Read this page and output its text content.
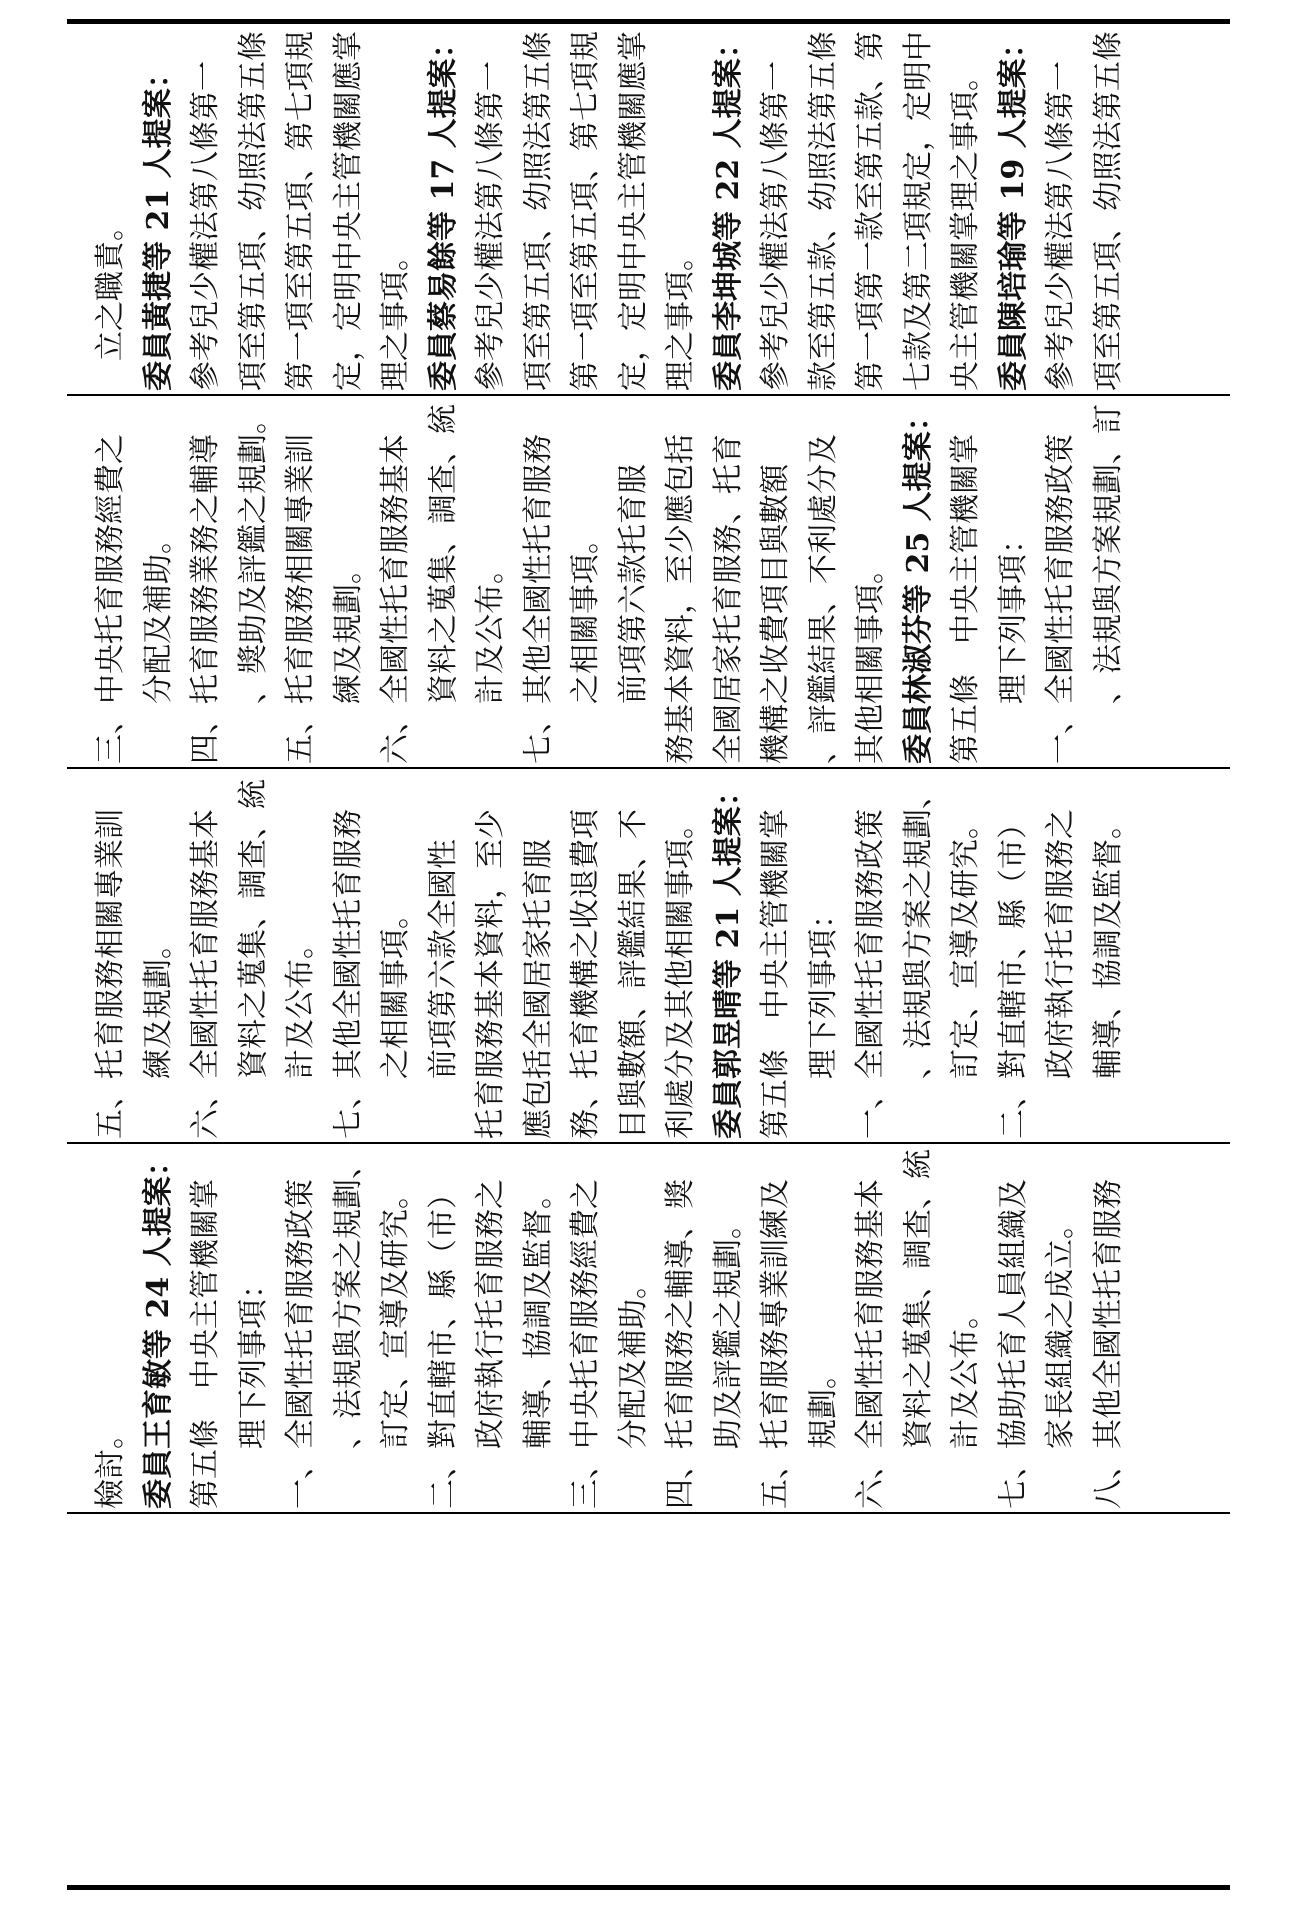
檢討。 委員王育敏等 24 人提案： 第五條　中央主管機關掌 理下列事項： 一、全國性托育服務政策 、法規與方案之規劃、 訂定、宣導及研究。 二、對直轄市、縣（市） 政府執行托育服務之 輔導、協調及監督。 三、中央托育服務經費之 分配及補助。 四、托育服務之輔導、獎 助及評鑑之規劃。 五、托育服務專業訓練及 規劃。 六、全國性托育服務基本 資料之蒐集、調查、統 計及公布。 七、協助托育人員組織及 家長組織之成立。 八、其他全國性托育服務
五、托育服務相關專業訓 練及規劃。 六、全國性托育服務基本 資料之蒐集、調查、統 計及公布。 七、其他全國性托育服務 之相關事項。 前項第六款全國性 托育服務基本資料，至少 應包括全國居家托育服 務、托育機構之收退費項 目與數額、評鑑結果、不 利處分及其他相關事項。 委員郭昱晴等 21 人提案： 第五條　中央主管機關掌 理下列事項： 一、全國性托育服務政策 、法規與方案之規劃、 訂定、宣導及研究。 二、對直轄市、縣（市） 政府執行托育服務之 輔導、協調及監督。
三、中央托育服務經費之 分配及補助。 四、托育服務業務之輔導 、獎助及評鑑之規劃。 五、托育服務相關專業訓 練及規劃。 六、全國性托育服務基本 資料之蒐集、調查、統 計及公布。 七、其他全國性托育服務 之相關事項。 前項第六款托育服 務基本資料，至少應包括 全國居家托育服務、托育 機構之收費項目與數額 、評鑑結果、不利處分及 其他相關事項。 委員林淑芬等 25 人提案： 第五條　中央主管機關掌 理下列事項： 一、全國性托育服務政策 、法規與方案規劃、訂
立之職責。 委員黃捷等 21 人提案： 參考兒少權法第八條第一 項至第五項、幼照法第五條 第一項至第五項、第七項規 定，定明中央主管機關應掌 理之事項。 委員蔡易餘等 17 人提案： 參考兒少權法第八條第一 項至第五項、幼照法第五條 第一項至第五項、第七項規 定，定明中央主管機關應掌 理之事項。 委員李坤城等 22 人提案： 參考兒少權法第八條第一 款至第五款、幼照法第五條 第一項第一款至第五款、第 七款及第二項規定，定明中 央主管機關掌理之事項。 委員陳培瑜等 19 人提案： 參考兒少權法第八條第一 項至第五項、幼照法第五條
